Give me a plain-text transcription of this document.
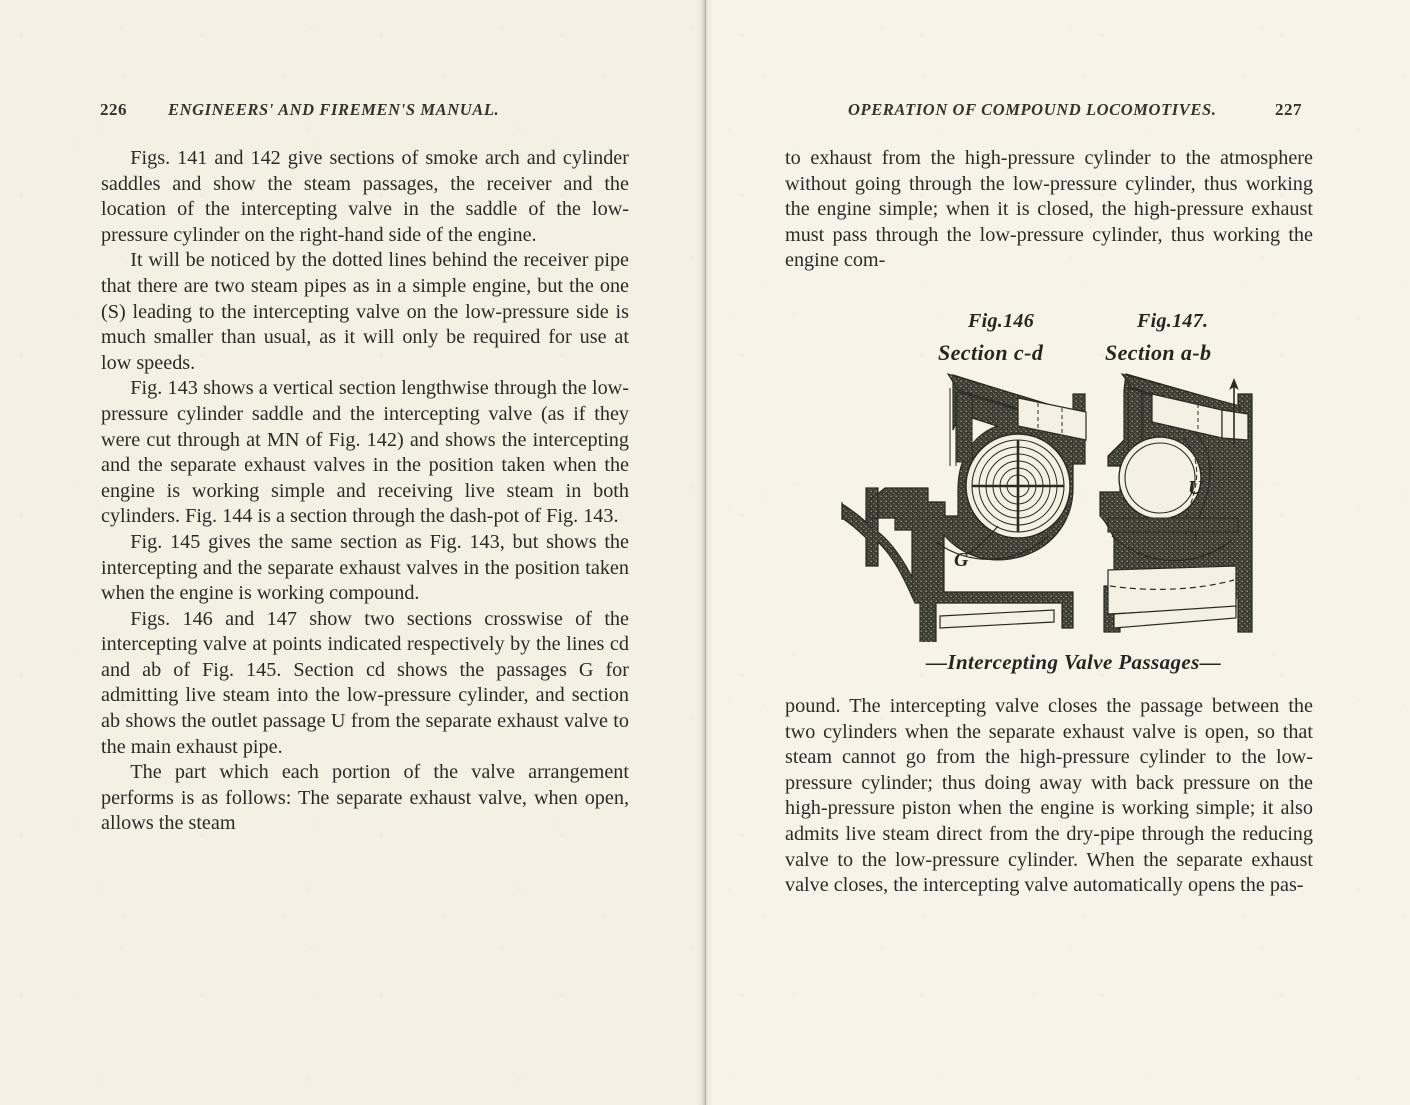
226 ENGINEERS' AND FIREMEN'S MANUAL.

Figs. 141 and 142 give sections of smoke arch and cylinder saddles and show the steam passages, the receiver and the location of the intercepting valve in the saddle of the low-pressure cylinder on the right-hand side of the engine.

It will be noticed by the dotted lines behind the receiver pipe that there are two steam pipes as in a simple engine, but the one (S) leading to the intercepting valve on the low-pressure side is much smaller than usual, as it will only be required for use at low speeds.

Fig. 143 shows a vertical section lengthwise through the low-pressure cylinder saddle and the intercepting valve (as if they were cut through at MN of Fig. 142) and shows the intercepting and the separate exhaust valves in the position taken when the engine is working simple and receiving live steam in both cylinders. Fig. 144 is a section through the dash-pot of Fig. 143.

Fig. 145 gives the same section as Fig. 143, but shows the intercepting and the separate exhaust valves in the position taken when the engine is working compound.

Figs. 146 and 147 show two sections crosswise of the intercepting valve at points indicated respectively by the lines cd and ab of Fig. 145. Section cd shows the passages G for admitting live steam into the low-pressure cylinder, and section ab shows the outlet passage U from the separate exhaust valve to the main exhaust pipe.

The part which each portion of the valve arrangement performs is as follows: The separate exhaust valve, when open, allows the steam

OPERATION OF COMPOUND LOCOMOTIVES.	227

to exhaust from the high-pressure cylinder to the atmosphere without going through the low-pressure cylinder, thus working the engine simple; when it is closed, the high-pressure exhaust must pass through the low-pressure cylinder, thus working the engine com-

Fig.146
Section c-d
Fig.147.
Section a-b
G
U
—Intercepting Valve Passages—

pound. The intercepting valve closes the passage between the two cylinders when the separate exhaust valve is open, so that steam cannot go from the high-pressure cylinder to the low-pressure cylinder; thus doing away with back pressure on the high-pressure piston when the engine is working simple; it also admits live steam direct from the dry-pipe through the reducing valve to the low-pressure cylinder. When the separate exhaust valve closes, the intercepting valve automatically opens the pas-
